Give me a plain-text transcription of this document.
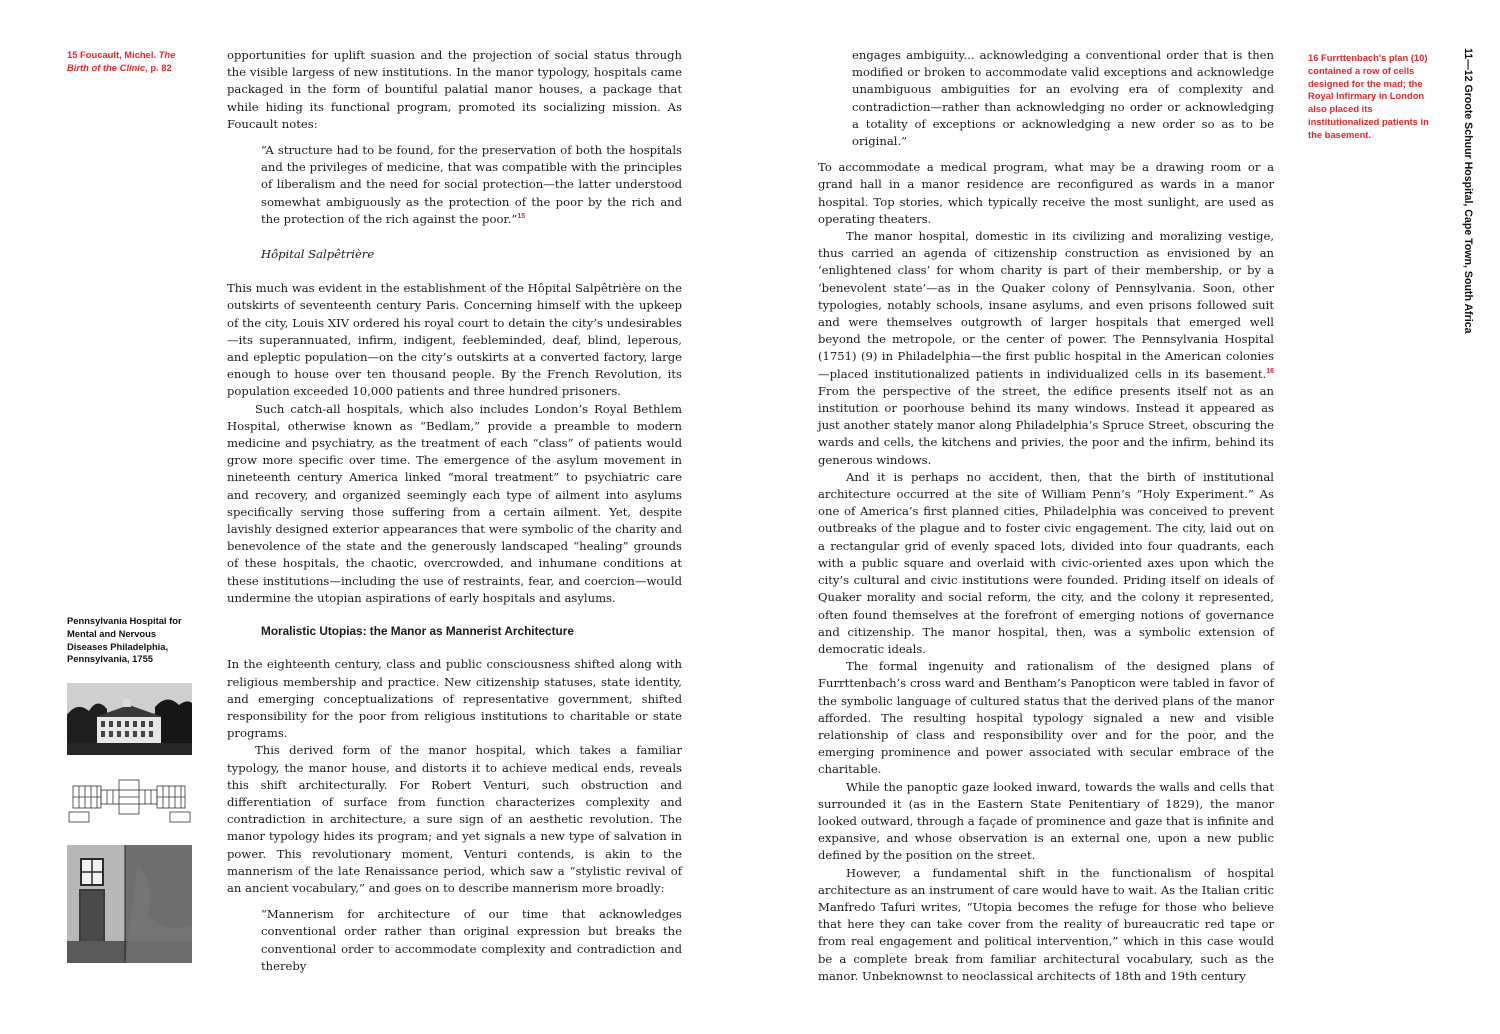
15 Foucault, Michel. The Birth of the Clinic, p. 82
16 Furrttenbach's plan (10) contained a row of cells designed for the mad; the Royal Infirmary in London also placed its institutionalized patients in the basement.	11—12 Groote Schuur Hospital, Cape Town, South Africa

opportunities for uplift suasion and the projection of social status through the visible largess of new institutions. In the manor typology, hospitals came packaged in the form of bountiful palatial manor houses, a package that while hiding its functional program, promoted its socializing mission. As Foucault notes:

“A structure had to be found, for the preservation of both the hospitals and the privileges of medicine, that was compatible with the principles of liberalism and the need for social protection—the latter understood somewhat ambiguously as the protection of the poor by the rich and the protection of the rich against the poor.”$^{15}$

Hôpital Salpêtrière

This much was evident in the establishment of the Hôpital Salpêtrière on the outskirts of seventeenth century Paris. Concerning himself with the upkeep of the city, Louis XIV ordered his royal court to detain the city’s undesirables—its superannuated, infirm, indigent, feebleminded, deaf, blind, leperous, and epleptic population—on the city’s outskirts at a converted factory, large enough to house over ten thousand people. By the French Revolution, its population exceeded 10,000 patients and three hundred prisoners.

Such catch-all hospitals, which also includes London’s Royal Bethlem Hospital, otherwise known as “Bedlam,” provide a preamble to modern medicine and psychiatry, as the treatment of each “class” of patients would grow more specific over time. The emergence of the asylum movement in nineteenth century America linked “moral treatment” to psychiatric care and recovery, and organized seemingly each type of ailment into asylums specifically serving those suffering from a certain ailment. Yet, despite lavishly designed exterior appearances that were symbolic of the charity and benevolence of the state and the generously landscaped “healing” grounds of these hospitals, the chaotic, overcrowded, and inhumane conditions at these institutions—including the use of restraints, fear, and coercion—would undermine the utopian aspirations of early hospitals and asylums.

Moralistic Utopias: the Manor as Mannerist Architecture

In the eighteenth century, class and public consciousness shifted along with religious membership and practice. New citizenship statuses, state identity, and emerging conceptualizations of representative government, shifted responsibility for the poor from religious institutions to charitable or state programs.

This derived form of the manor hospital, which takes a familiar typology, the manor house, and distorts it to achieve medical ends, reveals this shift architecturally. For Robert Venturi, such obstruction and differentiation of surface from function characterizes complexity and contradiction in architecture, a sure sign of an aesthetic revolution. The manor typology hides its program; and yet signals a new type of salvation in power. This revolutionary moment, Venturi contends, is akin to the mannerism of the late Renaissance period, which saw a “stylistic revival of an ancient vocabulary,” and goes on to describe mannerism more broadly:

“Mannerism for architecture of our time that acknowledges conventional order rather than original expression but breaks the conventional order to accommodate complexity and contradiction and thereby

engages ambiguity... acknowledging a conventional order that is then modified or broken to accommodate valid exceptions and acknowledge unambiguous ambiguities for an evolving era of complexity and contradiction—rather than acknowledging no order or acknowledging a totality of exceptions or acknowledging a new order so as to be original.”

To accommodate a medical program, what may be a drawing room or a grand hall in a manor residence are reconfigured as wards in a manor hospital. Top stories, which typically receive the most sunlight, are used as operating theaters.

The manor hospital, domestic in its civilizing and moralizing vestige, thus carried an agenda of citizenship construction as envisioned by an ‘enlightened class’ for whom charity is part of their membership, or by a ‘benevolent state’—as in the Quaker colony of Pennsylvania. Soon, other typologies, notably schools, insane asylums, and even prisons followed suit and were themselves outgrowth of larger hospitals that emerged well beyond the metropole, or the center of power. The Pennsylvania Hospital (1751) (9) in Philadelphia—the first public hospital in the American colonies—placed institutionalized patients in individualized cells in its basement.$^{16}$ From the perspective of the street, the edifice presents itself not as an institution or poorhouse behind its many windows. Instead it appeared as just another stately manor along Philadelphia’s Spruce Street, obscuring the wards and cells, the kitchens and privies, the poor and the infirm, behind its generous windows.

And it is perhaps no accident, then, that the birth of institutional architecture occurred at the site of William Penn’s “Holy Experiment.” As one of America’s first planned cities, Philadelphia was conceived to prevent outbreaks of the plague and to foster civic engagement. The city, laid out on a rectangular grid of evenly spaced lots, divided into four quadrants, each with a public square and overlaid with civic-oriented axes upon which the city’s cultural and civic institutions were founded. Priding itself on ideals of Quaker morality and social reform, the city, and the colony it represented, often found themselves at the forefront of emerging notions of governance and citizenship. The manor hospital, then, was a symbolic extension of democratic ideals.

The formal ingenuity and rationalism of the designed plans of Furrttenbach’s cross ward and Bentham’s Panopticon were tabled in favor of the symbolic language of cultured status that the derived plans of the manor afforded. The resulting hospital typology signaled a new and visible relationship of class and responsibility over and for the poor, and the emerging prominence and power associated with secular embrace of the charitable.

While the panoptic gaze looked inward, towards the walls and cells that surrounded it (as in the Eastern State Penitentiary of 1829), the manor looked outward, through a façade of prominence and gaze that is infinite and expansive, and whose observation is an external one, upon a new public defined by the position on the street.

However, a fundamental shift in the functionalism of hospital architecture as an instrument of care would have to wait. As the Italian critic Manfredo Tafuri writes, “Utopia becomes the refuge for those who believe that here they can take cover from the reality of bureaucratic red tape or from real engagement and political intervention,” which in this case would be a complete break from familiar architectural vocabulary, such as the manor. Unbeknownst to neoclassical architects of 18th and 19th century

Pennsylvania Hospital for Mental and Nervous Diseases Philadelphia, Pennsylvania, 1755
